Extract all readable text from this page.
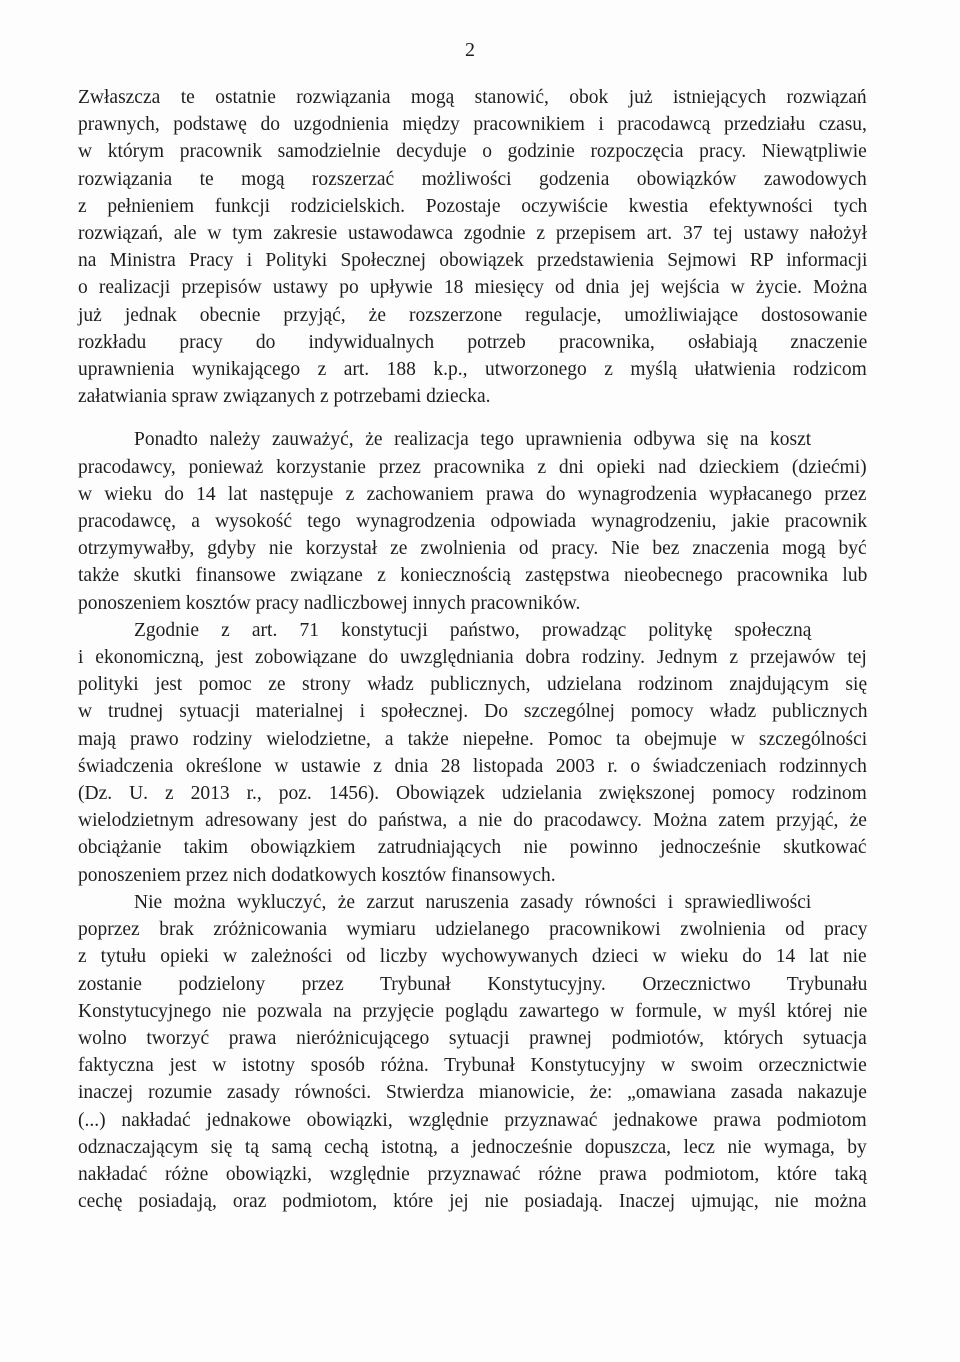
2
Zwłaszcza te ostatnie rozwiązania mogą stanowić, obok już istniejących rozwiązań
prawnych, podstawę do uzgodnienia między pracownikiem i pracodawcą przedziału czasu,
w którym pracownik samodzielnie decyduje o godzinie rozpoczęcia pracy. Niewątpliwie
rozwiązania te mogą rozszerzać możliwości godzenia obowiązków zawodowych
z pełnieniem funkcji rodzicielskich. Pozostaje oczywiście kwestia efektywności tych
rozwiązań, ale w tym zakresie ustawodawca zgodnie z przepisem art. 37 tej ustawy nałożył
na Ministra Pracy i Polityki Społecznej obowiązek przedstawienia Sejmowi RP informacji
o realizacji przepisów ustawy po upływie 18 miesięcy od dnia jej wejścia w życie. Można
już jednak obecnie przyjąć, że rozszerzone regulacje, umożliwiające dostosowanie
rozkładu pracy do indywidualnych potrzeb pracownika, osłabiają znaczenie
uprawnienia wynikającego z art. 188 k.p., utworzonego z myślą ułatwienia rodzicom
załatwiania spraw związanych z potrzebami dziecka.
Ponadto należy zauważyć, że realizacja tego uprawnienia odbywa się na koszt
pracodawcy, ponieważ korzystanie przez pracownika z dni opieki nad dzieckiem (dziećmi)
w wieku do 14 lat następuje z zachowaniem prawa do wynagrodzenia wypłacanego przez
pracodawcę, a wysokość tego wynagrodzenia odpowiada wynagrodzeniu, jakie pracownik
otrzymywałby, gdyby nie korzystał ze zwolnienia od pracy. Nie bez znaczenia mogą być
także skutki finansowe związane z koniecznością zastępstwa nieobecnego pracownika lub
ponoszeniem kosztów pracy nadliczbowej innych pracowników.
Zgodnie z art. 71 konstytucji państwo, prowadząc politykę społeczną
i ekonomiczną, jest zobowiązane do uwzględniania dobra rodziny. Jednym z przejawów tej
polityki jest pomoc ze strony władz publicznych, udzielana rodzinom znajdującym się
w trudnej sytuacji materialnej i społecznej. Do szczególnej pomocy władz publicznych
mają prawo rodziny wielodzietne, a także niepełne. Pomoc ta obejmuje w szczególności
świadczenia określone w ustawie z dnia 28 listopada 2003 r. o świadczeniach rodzinnych
(Dz. U. z 2013 r., poz. 1456). Obowiązek udzielania zwiększonej pomocy rodzinom
wielodzietnym adresowany jest do państwa, a nie do pracodawcy. Można zatem przyjąć, że
obciążanie takim obowiązkiem zatrudniających nie powinno jednocześnie skutkować
ponoszeniem przez nich dodatkowych kosztów finansowych.
Nie można wykluczyć, że zarzut naruszenia zasady równości i sprawiedliwości
poprzez brak zróżnicowania wymiaru udzielanego pracownikowi zwolnienia od pracy
z tytułu opieki w zależności od liczby wychowywanych dzieci w wieku do 14 lat nie
zostanie podzielony przez Trybunał Konstytucyjny. Orzecznictwo Trybunału
Konstytucyjnego nie pozwala na przyjęcie poglądu zawartego w formule, w myśl której nie
wolno tworzyć prawa nieróżnicującego sytuacji prawnej podmiotów, których sytuacja
faktyczna jest w istotny sposób różna. Trybunał Konstytucyjny w swoim orzecznictwie
inaczej rozumie zasady równości. Stwierdza mianowicie, że: „omawiana zasada nakazuje
(...) nakładać jednakowe obowiązki, względnie przyznawać jednakowe prawa podmiotom
odznaczającym się tą samą cechą istotną, a jednocześnie dopuszcza, lecz nie wymaga, by
nakładać różne obowiązki, względnie przyznawać różne prawa podmiotom, które taką
cechę posiadają, oraz podmiotom, które jej nie posiadają. Inaczej ujmując, nie można
